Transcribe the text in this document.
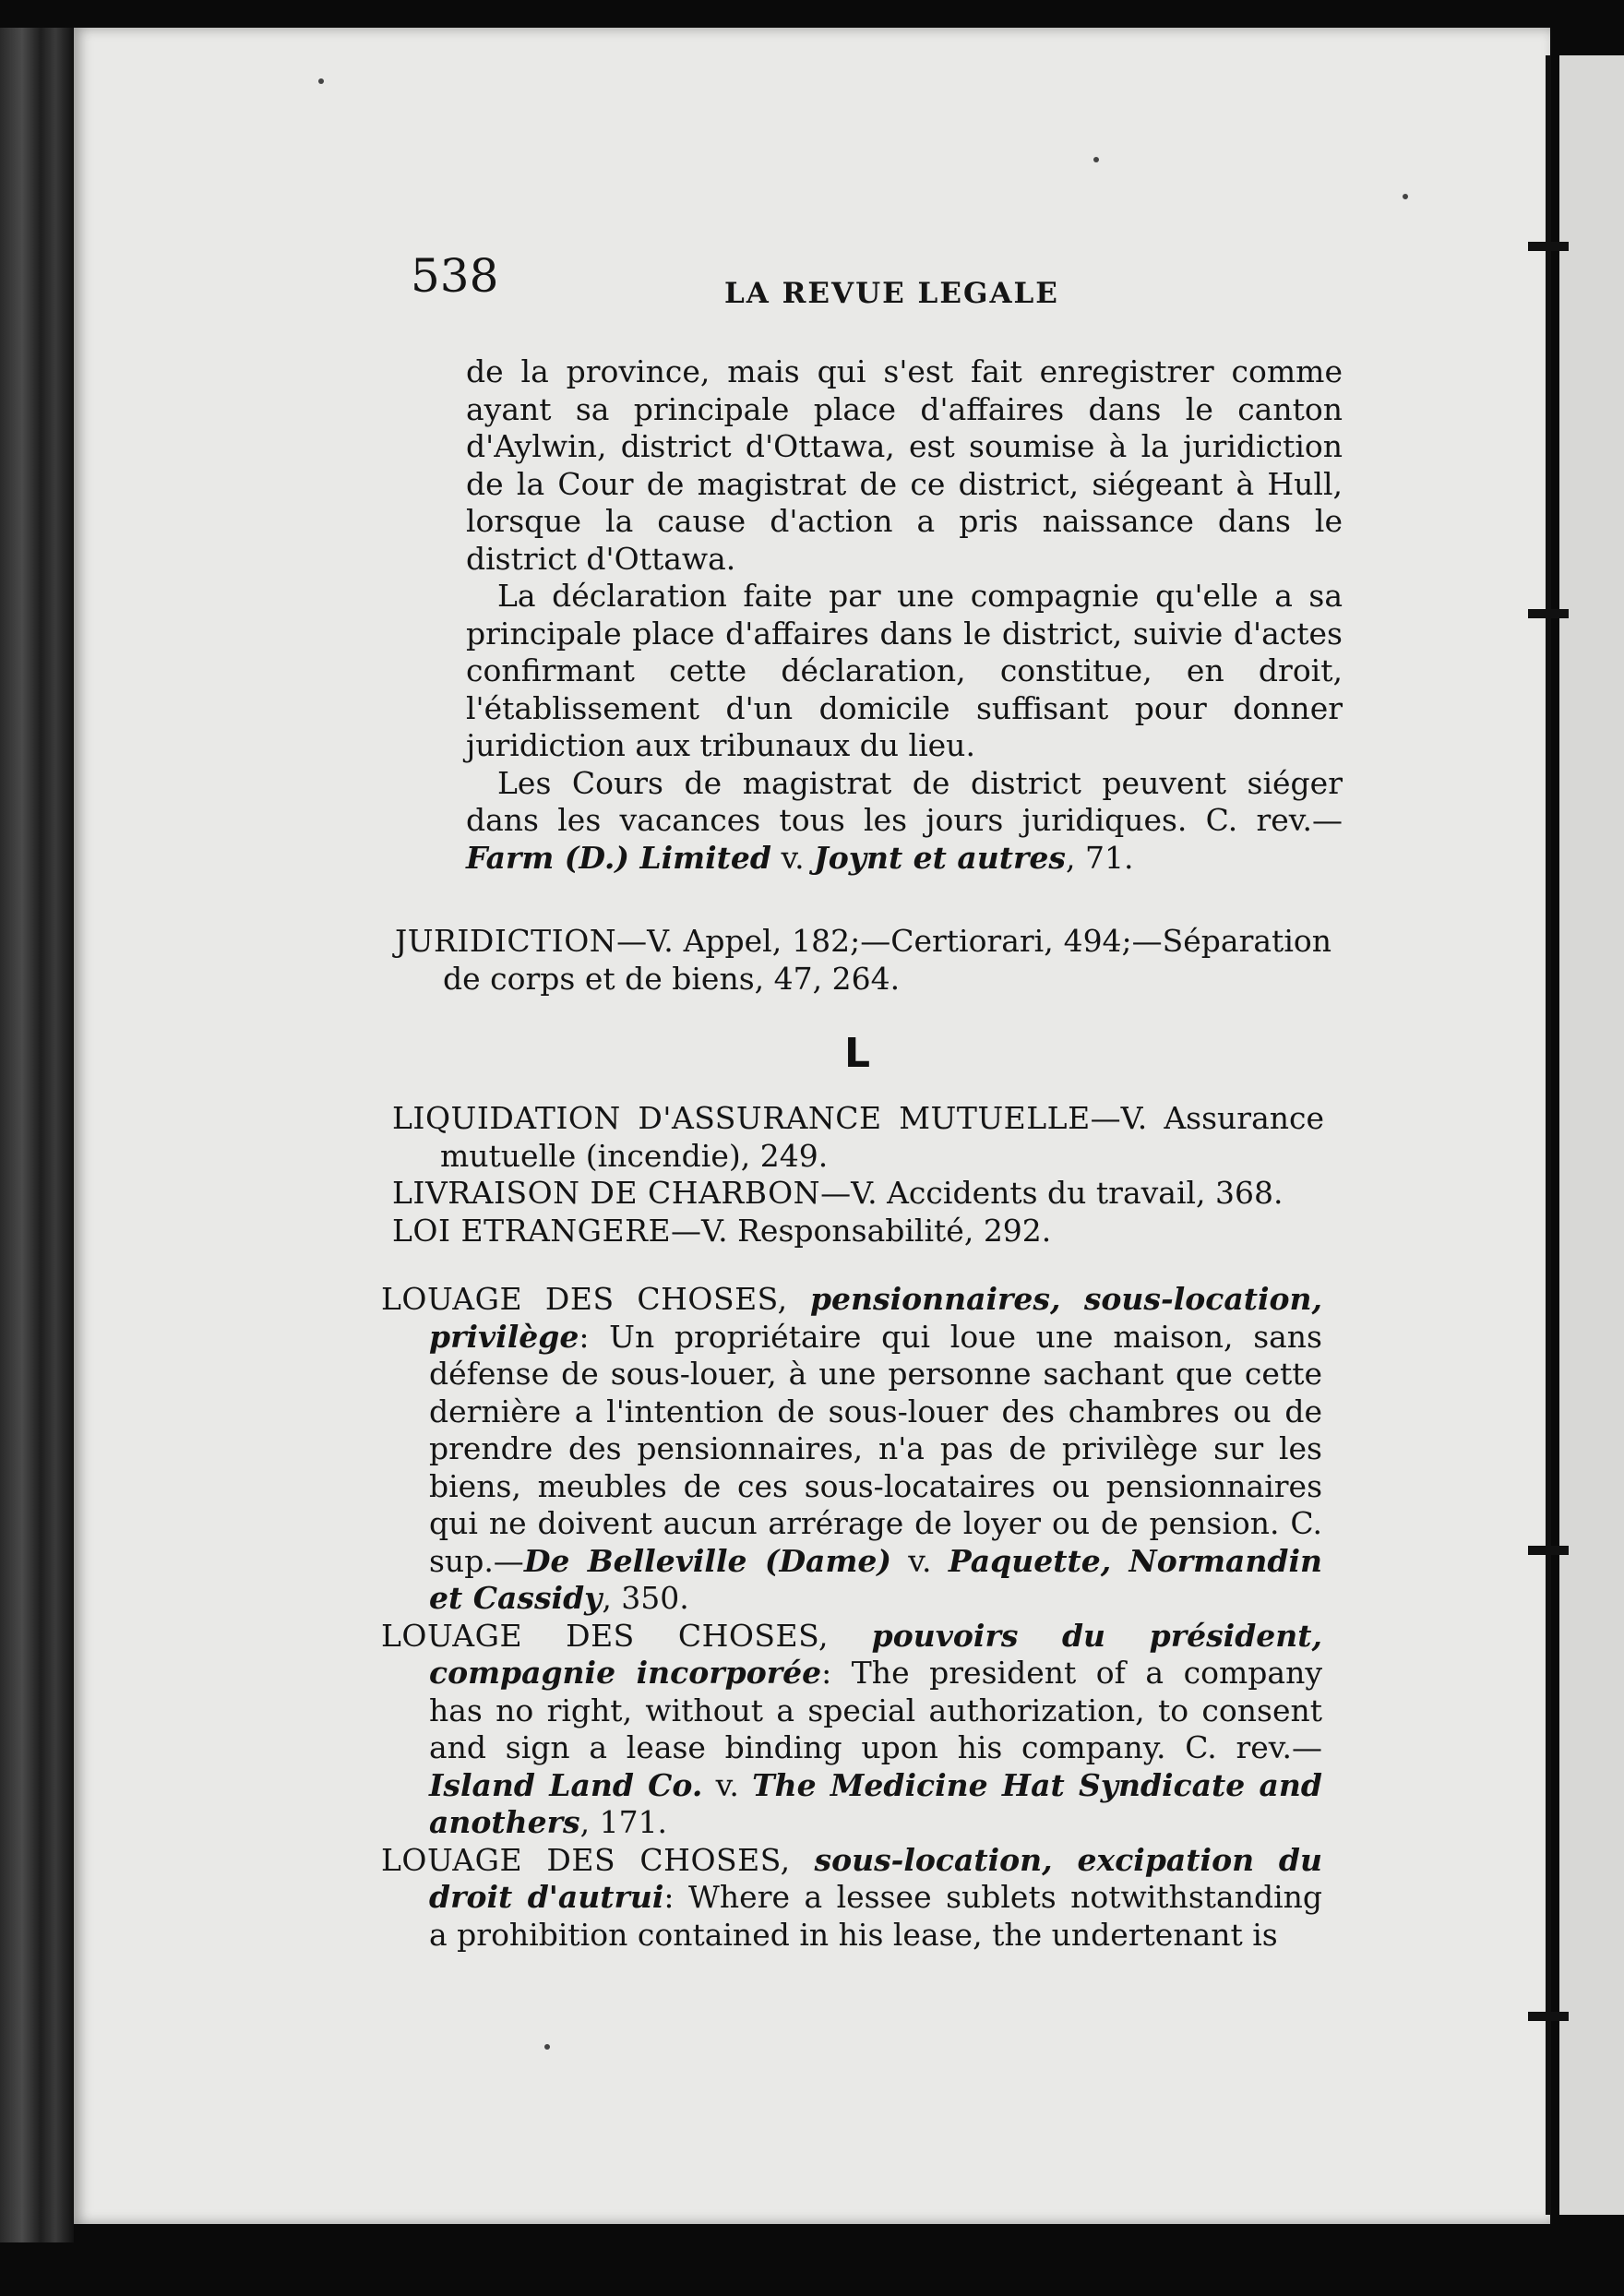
538	LA REVUE LEGALE

de la province, mais qui s'est fait enregistrer comme ayant sa principale place d'affaires dans le canton d'Aylwin, district d'Ottawa, est soumise à la juridiction de la Cour de magistrat de ce district, siégeant à Hull, lorsque la cause d'action a pris naissance dans le district d'Ottawa.

La déclaration faite par une compagnie qu'elle a sa principale place d'affaires dans le district, suivie d'actes confirmant cette déclaration, constitue, en droit, l'établissement d'un domicile suffisant pour donner juridiction aux tribunaux du lieu.

Les Cours de magistrat de district peuvent siéger dans les vacances tous les jours juridiques. C. rev.—Farm (D.) Limited v. Joynt et autres, 71.

JURIDICTION—V. Appel, 182;—Certiorari, 494;—Séparation de corps et de biens, 47, 264.

L

LIQUIDATION D'ASSURANCE MUTUELLE—V. Assurance mutuelle (incendie), 249.

LIVRAISON DE CHARBON—V. Accidents du travail, 368.

LOI ETRANGERE—V. Responsabilité, 292.

LOUAGE DES CHOSES, pensionnaires, sous-location, privilège: Un propriétaire qui loue une maison, sans défense de sous-louer, à une personne sachant que cette dernière a l'intention de sous-louer des chambres ou de prendre des pensionnaires, n'a pas de privilège sur les biens, meubles de ces sous-locataires ou pensionnaires qui ne doivent aucun arrérage de loyer ou de pension. C. sup.—De Belleville (Dame) v. Paquette, Normandin et Cassidy, 350.

LOUAGE DES CHOSES, pouvoirs du président, compagnie incorporée: The president of a company has no right, without a special authorization, to consent and sign a lease binding upon his company. C. rev.—Island Land Co. v. The Medicine Hat Syndicate and anothers, 171.

LOUAGE DES CHOSES, sous-location, excipation du droit d'autrui: Where a lessee sublets notwithstanding a prohibition contained in his lease, the undertenant is
